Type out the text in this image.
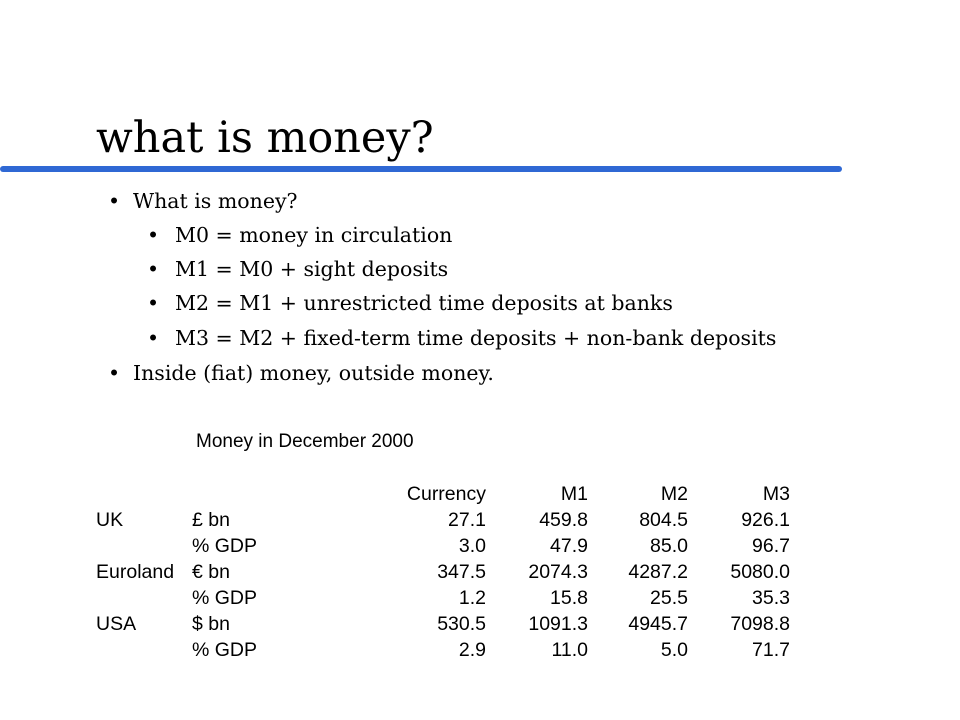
what is money?
• What is money?
• M0 = money in circulation
• M1 = M0 + sight deposits
• M2 = M1 + unrestricted time deposits at banks
• M3 = M2 + fixed-term time deposits + non-bank deposits
• Inside (fiat) money, outside money.
Money in December 2000
		Currency	M1	M2	M3
UK	£ bn	27.1	459.8	804.5	926.1
	% GDP	3.0	47.9	85.0	96.7
Euroland	€ bn	347.5	2074.3	4287.2	5080.0
	% GDP	1.2	15.8	25.5	35.3
USA	$ bn	530.5	1091.3	4945.7	7098.8
	% GDP	2.9	11.0	5.0	71.7
